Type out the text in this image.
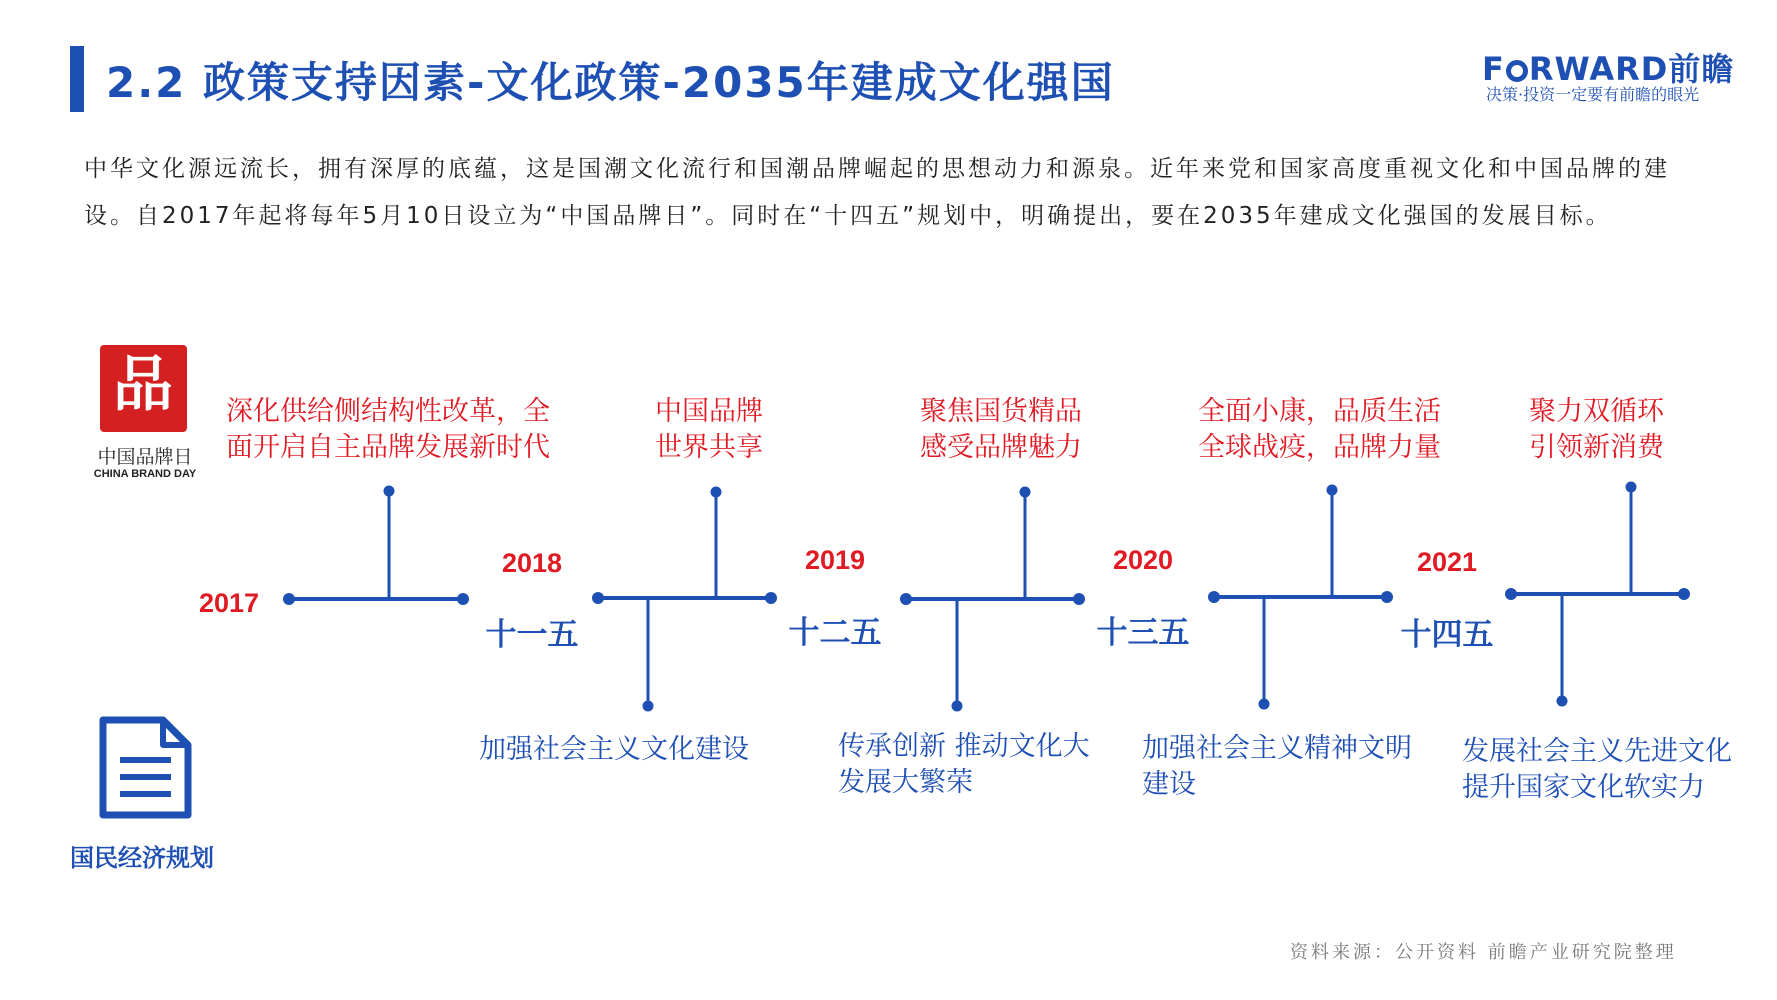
2.2 政策支持因素-文化政策-2035年建成文化强国	F RWARD前瞻
决策·投资一定要有前瞻的眼光
中华文化源远流长，拥有深厚的底蕴，这是国潮文化流行和国潮品牌崛起的思想动力和源泉。近年来党和国家高度重视文化和中国品牌的建设。自2017年起将每年5月10日设立为“中国品牌日”。同时在“十四五”规划中，明确提出，要在2035年建成文化强国的发展目标。
品
中国品牌日
CHINA BRAND DAY
国民经济规划
2017
深化供给侧结构性改革，全 面开启自主品牌发展新时代
2018
十一五
中国品牌 世界共享
加强社会主义文化建设
2019
十二五
聚焦国货精品 感受品牌魅力
传承创新 推动文化大 发展大繁荣
2020
十三五
全面小康，品质生活 全球战疫，品牌力量
加强社会主义精神文明 建设
2021
十四五
聚力双循环 引领新消费
发展社会主义先进文化 提升国家文化软实力
资料来源：公开资料 前瞻产业研究院整理
